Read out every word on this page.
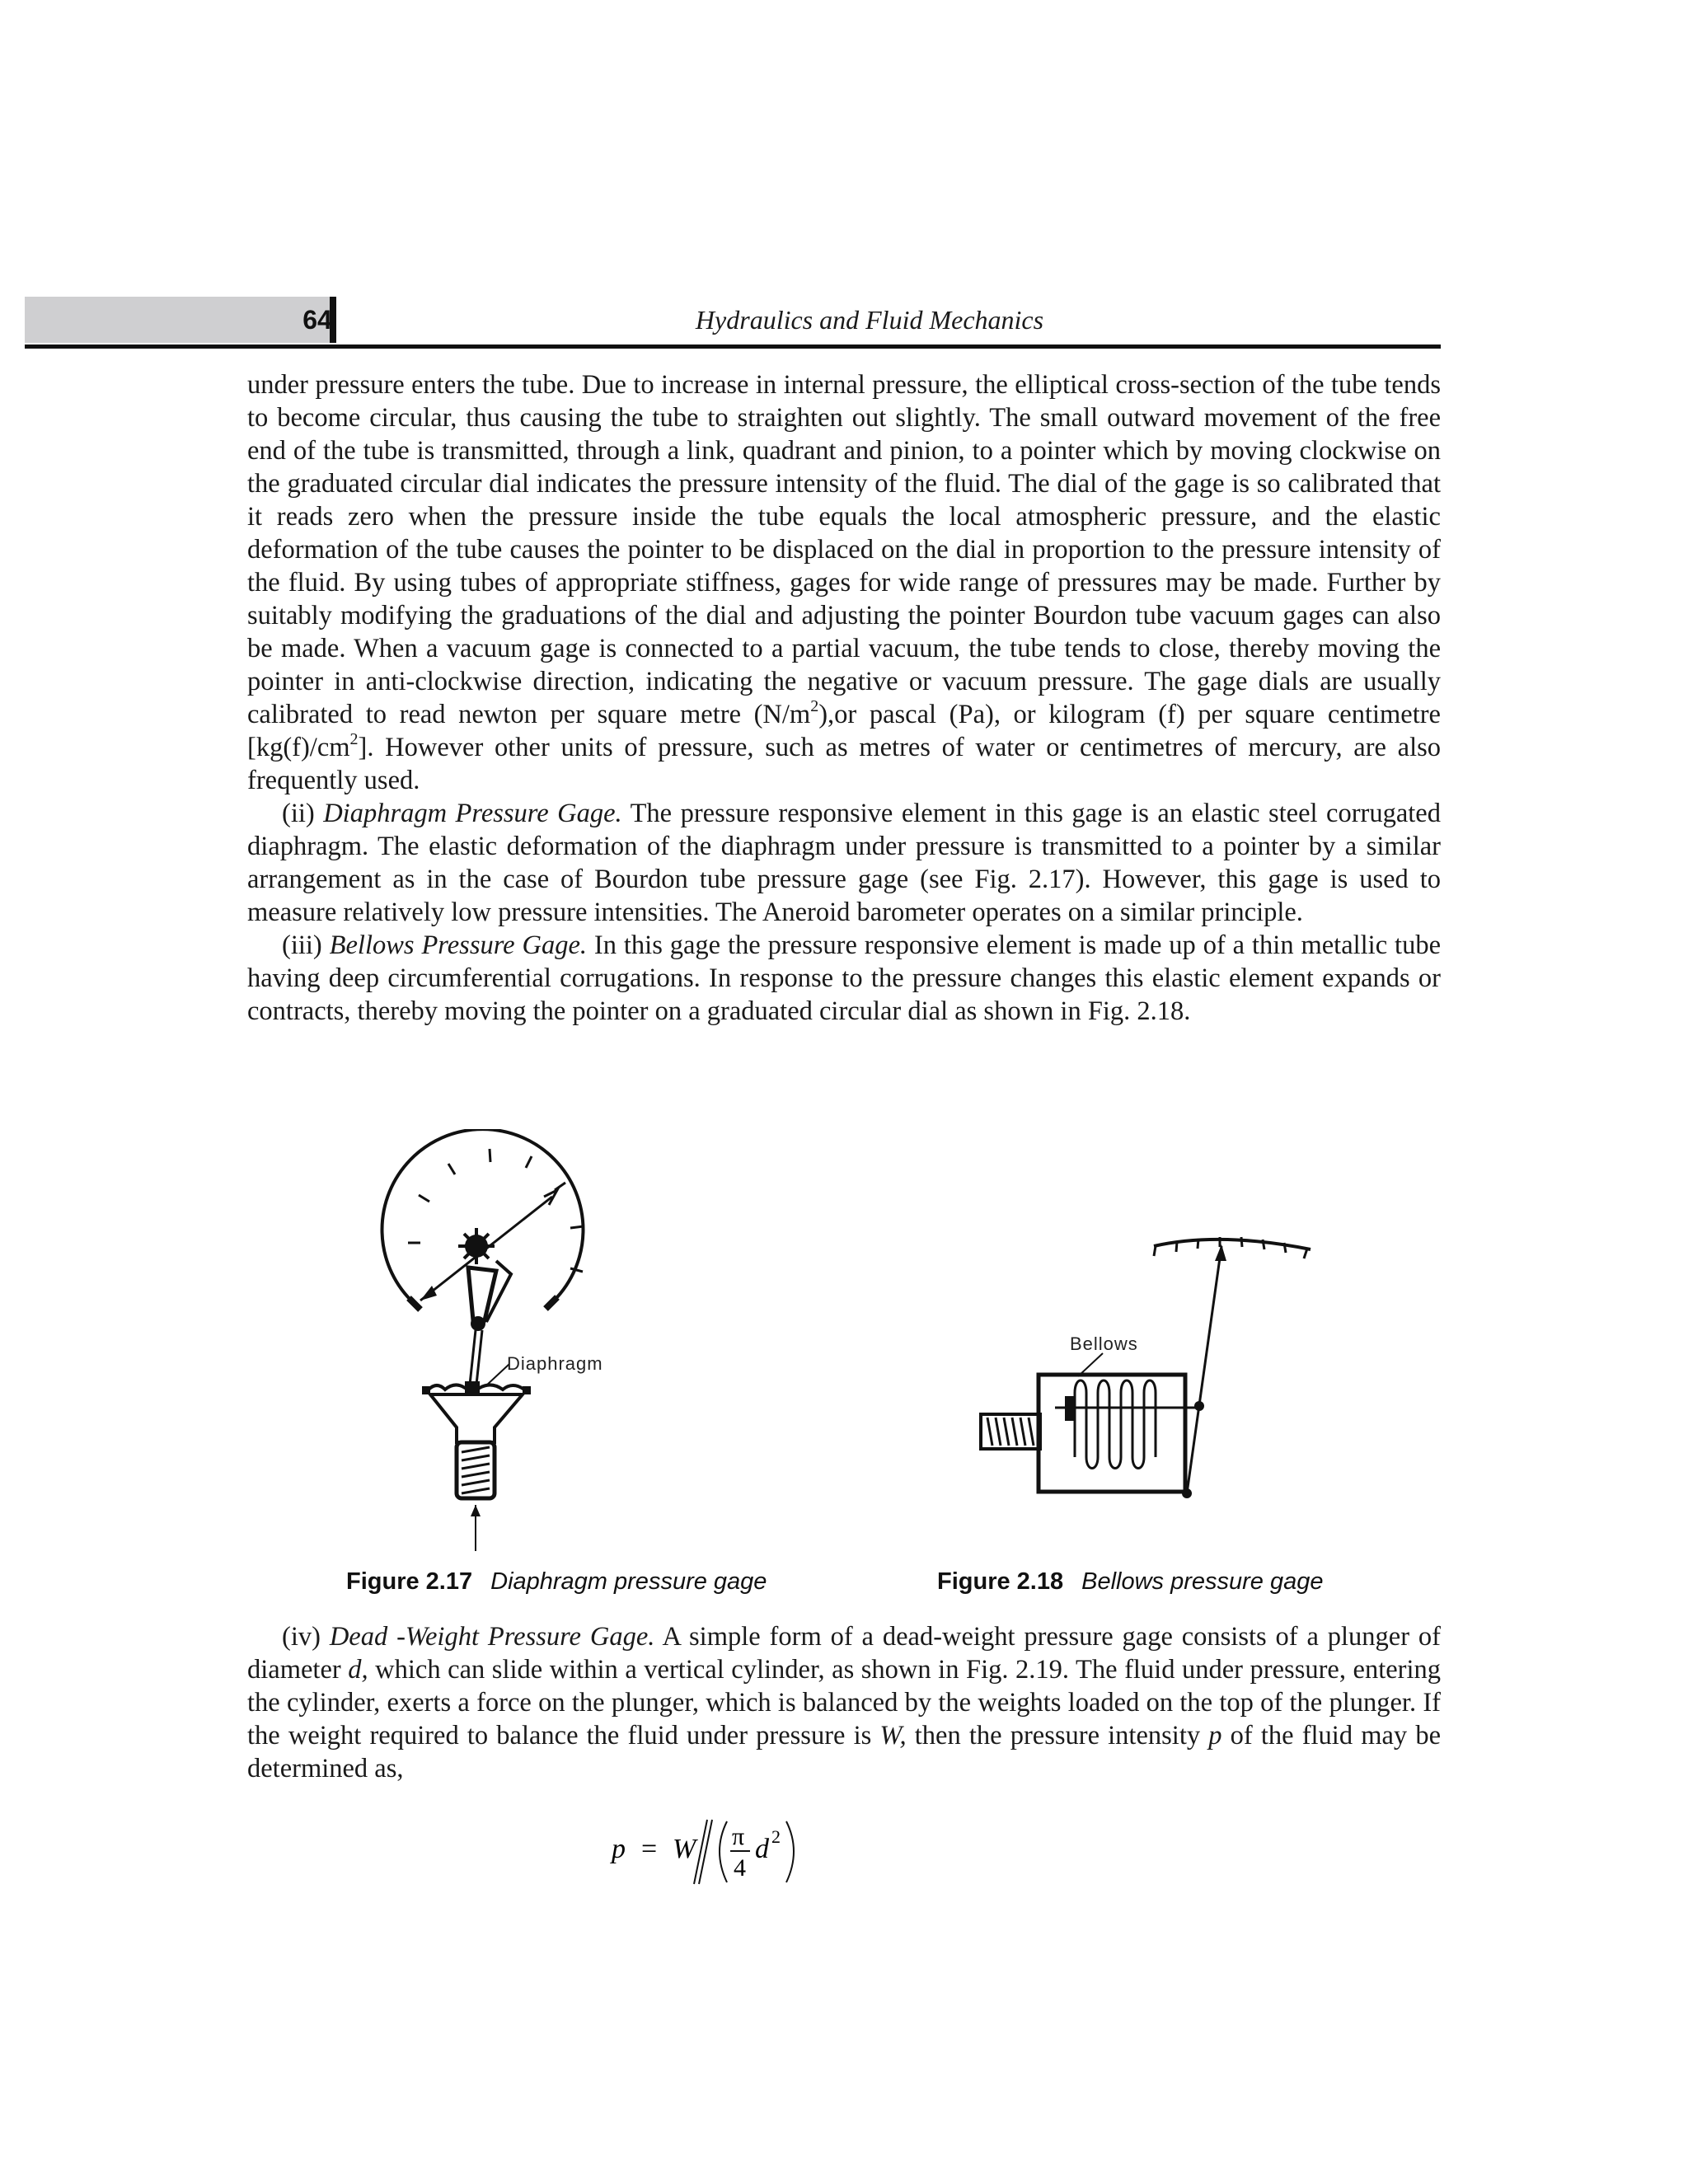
64	Hydraulics and Fluid Mechanics

under pressure enters the tube. Due to increase in internal pressure, the elliptical cross-section of the tube tends to become circular, thus causing the tube to straighten out slightly. The small outward movement of the free end of the tube is transmitted, through a link, quadrant and pinion, to a pointer which by moving clockwise on the graduated circular dial indicates the pressure intensity of the fluid. The dial of the gage is so calibrated that it reads zero when the pressure inside the tube equals the local atmospheric pressure, and the elastic deformation of the tube causes the pointer to be displaced on the dial in proportion to the pressure intensity of the fluid. By using tubes of appropriate stiffness, gages for wide range of pressures may be made. Further by suitably modifying the graduations of the dial and adjusting the pointer Bourdon tube vacuum gages can also be made. When a vacuum gage is connected to a partial vacuum, the tube tends to close, thereby moving the pointer in anti-clockwise direction, indicating the negative or vacuum pressure. The gage dials are usually calibrated to read newton per square metre $(N/m^2),or$ pascal (Pa), or kilogram (f) per square centimetre $[kg(f)/cm^2]$. However other units of pressure, such as metres of water or centimetres of mercury, are also frequently used.

(ii) Diaphragm Pressure Gage. The pressure responsive element in this gage is an elastic steel corrugated diaphragm. The elastic deformation of the diaphragm under pressure is transmitted to a pointer by a similar arrangement as in the case of Bourdon tube pressure gage (see Fig. 2.17). However, this gage is used to measure relatively low pressure intensities. The Aneroid barometer operates on a similar principle.

(iii) Bellows Pressure Gage. In this gage the pressure responsive element is made up of a thin metallic tube having deep circumferential corrugations. In response to the pressure changes this elastic element expands or contracts, thereby moving the pointer on a graduated circular dial as shown in Fig. 2.18.

Diaphragm
Bellows
Figure 2.17 Diaphragm pressure gage	Figure 2.18 Bellows pressure gage

(iv) Dead -Weight Pressure Gage. A simple form of a dead-weight pressure gage consists of a plunger of diameter d, which can slide within a vertical cylinder, as shown in Fig. 2.19. The fluid under pressure, entering the cylinder, exerts a force on the plunger, which is balanced by the weights loaded on the top of the plunger. If the weight required to balance the fluid under pressure is W, then the pressure intensity p of the fluid may be determined as,

p = W π
4
d 2
